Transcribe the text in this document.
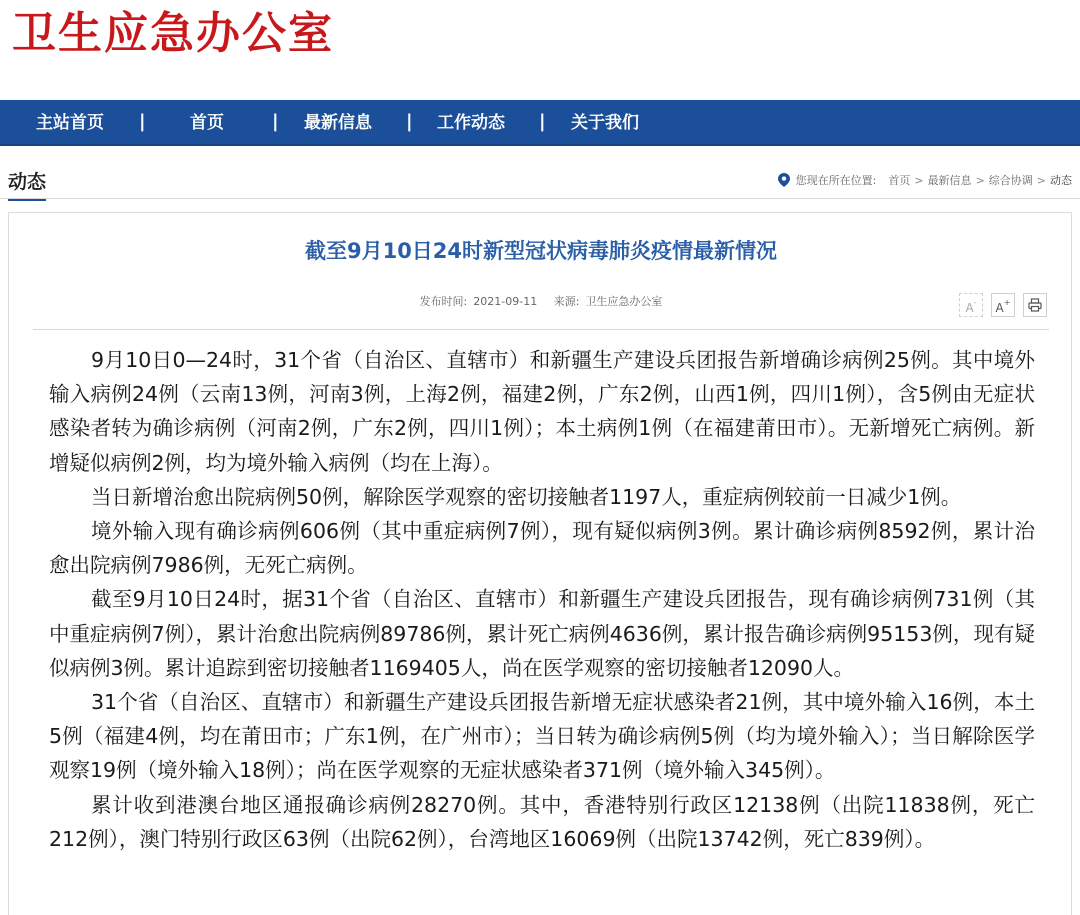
卫生应急办公室
主站首页 |	首页	| 最新信息 | 工作动态 | 关于我们
动态	您现在所在位置: 首页 > 最新信息 > 综合协调 > 动态
截至9月10日24时新型冠状病毒肺炎疫情最新情况
发布时间: 2021-09-11 来源: 卫生应急办公室	A-	A+

9月10日0—24时，31个省（自治区、直辖市）和新疆生产建设兵团报告新增确诊病例25例。其中境外输入病例24例（云南13例，河南3例，上海2例，福建2例，广东2例，山西1例，四川1例），含5例由无症状感染者转为确诊病例（河南2例，广东2例，四川1例）；本土病例1例（在福建莆田市）。无新增死亡病例。新增疑似病例2例，均为境外输入病例（均在上海）。

当日新增治愈出院病例50例，解除医学观察的密切接触者1197人，重症病例较前一日减少1例。

境外输入现有确诊病例606例（其中重症病例7例），现有疑似病例3例。累计确诊病例8592例，累计治愈出院病例7986例，无死亡病例。

截至9月10日24时，据31个省（自治区、直辖市）和新疆生产建设兵团报告，现有确诊病例731例（其中重症病例7例），累计治愈出院病例89786例，累计死亡病例4636例，累计报告确诊病例95153例，现有疑似病例3例。累计追踪到密切接触者1169405人，尚在医学观察的密切接触者12090人。

31个省（自治区、直辖市）和新疆生产建设兵团报告新增无症状感染者21例，其中境外输入16例，本土5例（福建4例，均在莆田市；广东1例，在广州市）；当日转为确诊病例5例（均为境外输入）；当日解除医学观察19例（境外输入18例）；尚在医学观察的无症状感染者371例（境外输入345例）。

累计收到港澳台地区通报确诊病例28270例。其中，香港特别行政区12138例（出院11838例，死亡212例），澳门特别行政区63例（出院62例），台湾地区16069例（出院13742例，死亡839例）。
